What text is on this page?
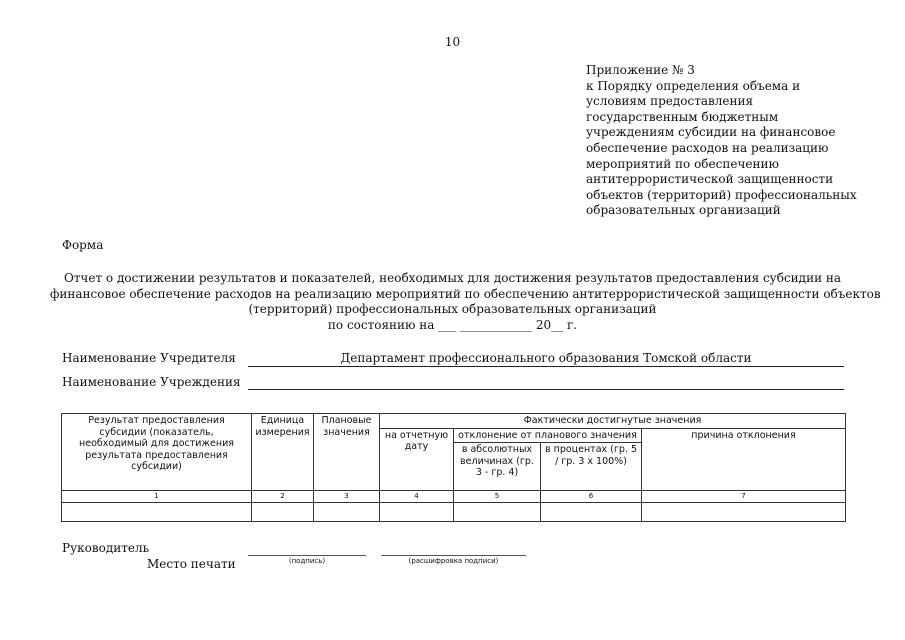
10
Приложение № 3
к Порядку определения объема и
условиям предоставления
государственным бюджетным
учреждениям субсидии на финансовое
обеспечение расходов на реализацию
мероприятий по обеспечению
антитеррористической защищенности
объектов (территорий) профессиональных
образовательных организаций
Форма
Отчет о достижении результатов и показателей, необходимых для достижения результатов предоставления субсидии на
финансовое обеспечение расходов на реализацию мероприятий по обеспечению антитеррористической защищенности объектов
(территорий) профессиональных образовательных организаций
по состоянию на ___ ____________ 20__ г.
Наименование Учредителя	Департамент профессионального образования Томской области
Наименование Учреждения
Результат предоставления субсидии (показатель, необходимый для достижения результата предоставления субсидии)	Единица измерения	Плановые значения	Фактически достигнутые значения			
			на отчетную дату	отклонение от планового значения		причина отклонения
				в абсолютных величинах (гр. 3 - гр. 4)	в процентах (гр. 5 / гр. 3 х 100%)	
1	2	3	4	5	6	7

Руководитель
Место печати	(подпись)	(расшифровка подписи)
